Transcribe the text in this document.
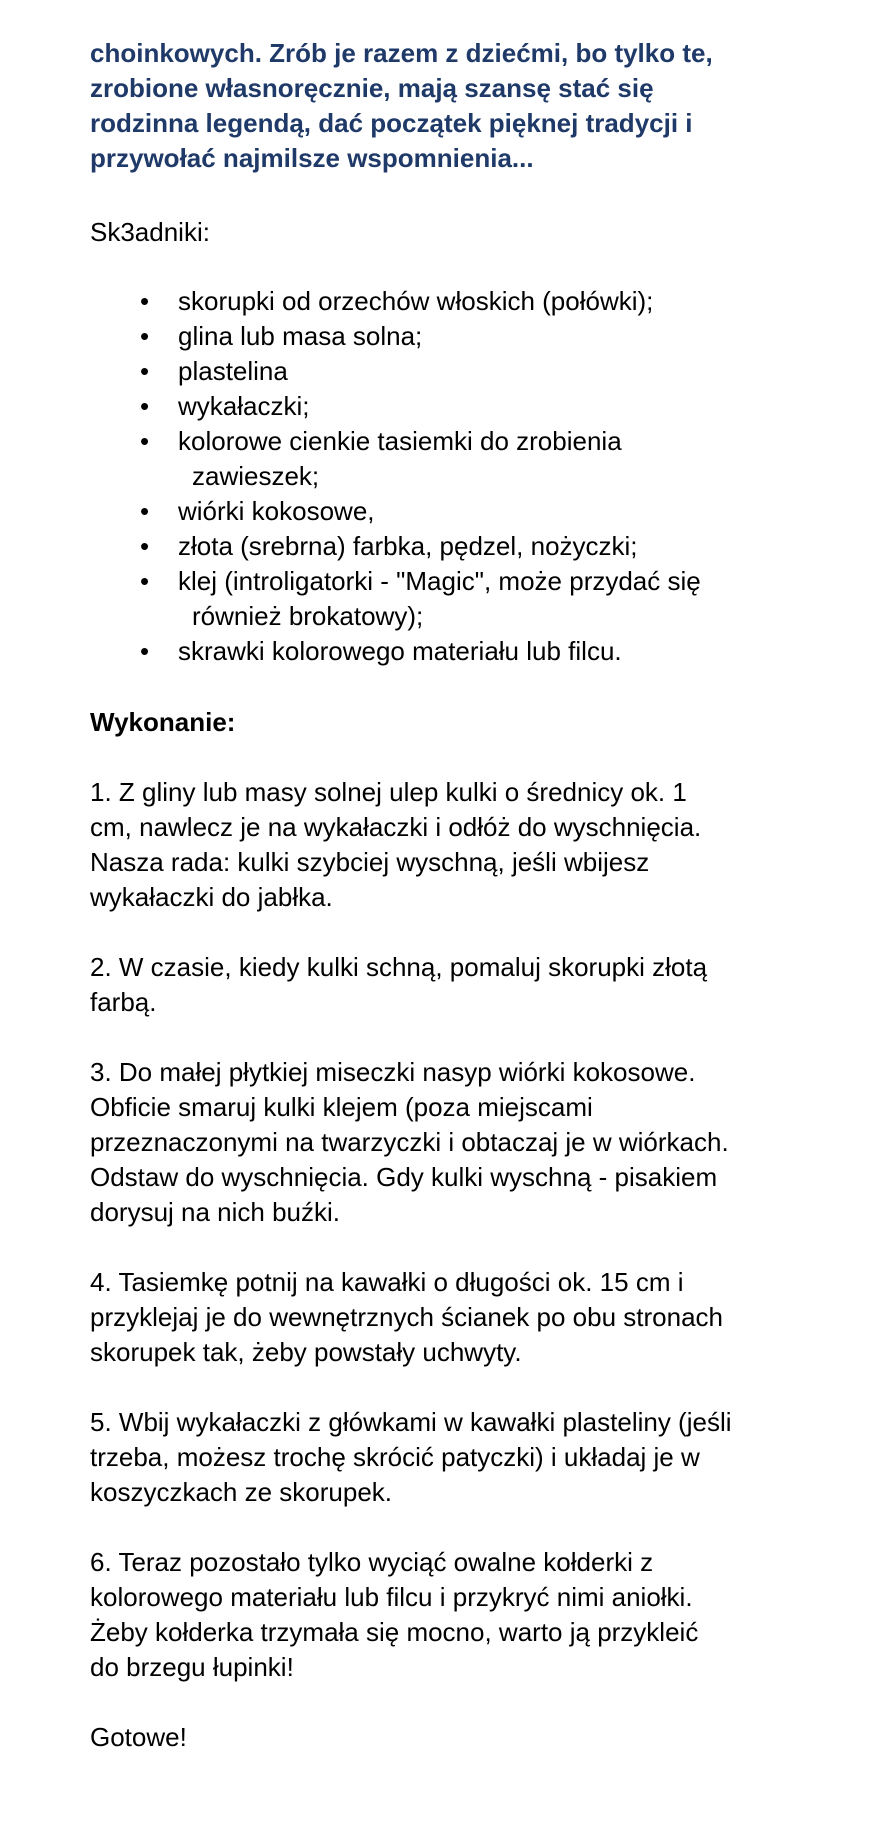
choinkowych. Zrób je razem z dziećmi, bo tylko te,
zrobione własnoręcznie, mają szansę stać się
rodzinna legendą, dać początek pięknej tradycji i
przywołać najmilsze wspomnienia...

Sk3adniki:

• skorupki od orzechów włoskich (połówki);
• glina lub masa solna;
• plastelina
• wykałaczki;
• kolorowe cienkie tasiemki do zrobienia
zawieszek;
• wiórki kokosowe,
• złota (srebrna) farbka, pędzel, nożyczki;
• klej (introligatorki - "Magic", może przydać się
również brokatowy);
• skrawki kolorowego materiału lub filcu.

Wykonanie:

1. Z gliny lub masy solnej ulep kulki o średnicy ok. 1
cm, nawlecz je na wykałaczki i odłóż do wyschnięcia.
Nasza rada: kulki szybciej wyschną, jeśli wbijesz
wykałaczki do jabłka.

2. W czasie, kiedy kulki schną, pomaluj skorupki złotą
farbą.

3. Do małej płytkiej miseczki nasyp wiórki kokosowe.
Obficie smaruj kulki klejem (poza miejscami
przeznaczonymi na twarzyczki i obtaczaj je w wiórkach.
Odstaw do wyschnięcia. Gdy kulki wyschną - pisakiem
dorysuj na nich buźki.

4. Tasiemkę potnij na kawałki o długości ok. 15 cm i
przyklejaj je do wewnętrznych ścianek po obu stronach
skorupek tak, żeby powstały uchwyty.

5. Wbij wykałaczki z główkami w kawałki plasteliny (jeśli
trzeba, możesz trochę skrócić patyczki) i układaj je w
koszyczkach ze skorupek.

6. Teraz pozostało tylko wyciąć owalne kołderki z
kolorowego materiału lub filcu i przykryć nimi aniołki.
Żeby kołderka trzymała się mocno, warto ją przykleić
do brzegu łupinki!

Gotowe!
